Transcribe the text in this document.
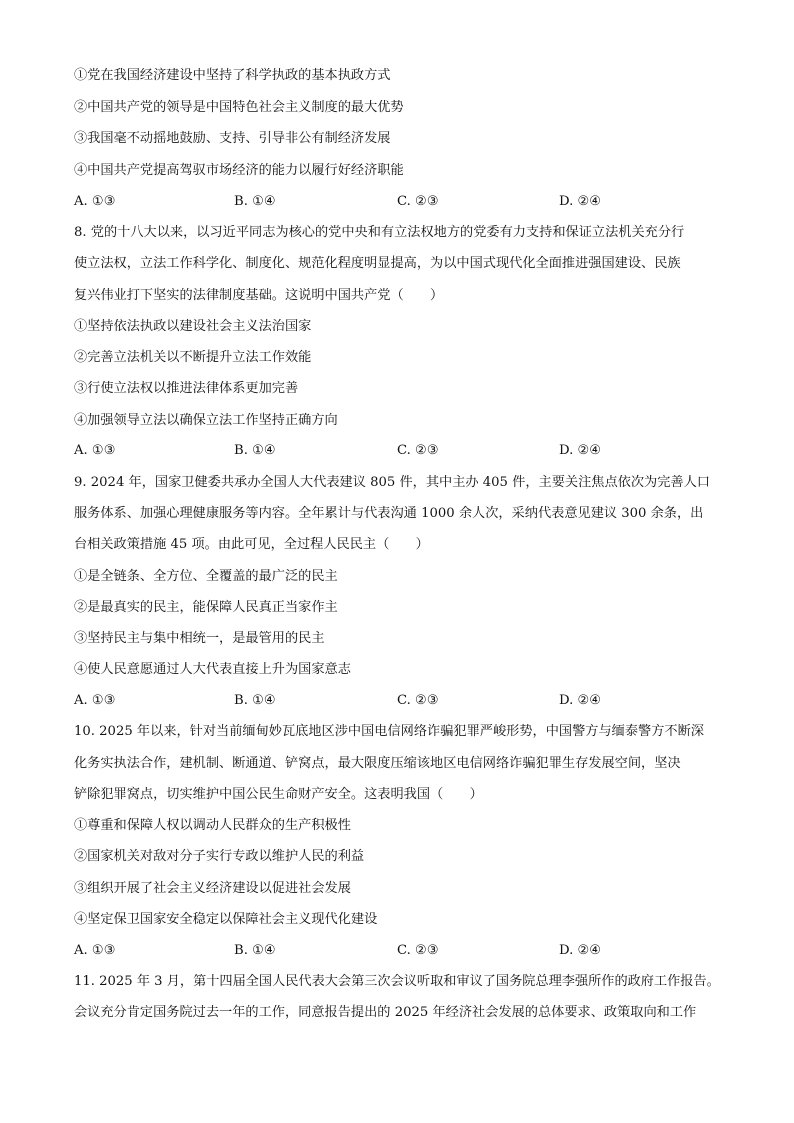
①党在我国经济建设中坚持了科学执政的基本执政方式
②中国共产党的领导是中国特色社会主义制度的最大优势
③我国毫不动摇地鼓励、支持、引导非公有制经济发展
④中国共产党提高驾驭市场经济的能力以履行好经济职能
A. ①③	B. ①④	C. ②③	D. ②④
8. 党的十八大以来，以习近平同志为核心的党中央和有立法权地方的党委有力支持和保证立法机关充分行
使立法权，立法工作科学化、制度化、规范化程度明显提高，为以中国式现代化全面推进强国建设、民族
复兴伟业打下坚实的法律制度基础。这说明中国共产党（　　）
①坚持依法执政以建设社会主义法治国家
②完善立法机关以不断提升立法工作效能
③行使立法权以推进法律体系更加完善
④加强领导立法以确保立法工作坚持正确方向
A. ①③	B. ①④	C. ②③	D. ②④
9. 2024 年，国家卫健委共承办全国人大代表建议 805 件，其中主办 405 件，主要关注焦点依次为完善人口
服务体系、加强心理健康服务等内容。全年累计与代表沟通 1000 余人次，采纳代表意见建议 300 余条，出
台相关政策措施 45 项。由此可见，全过程人民民主（　　）
①是全链条、全方位、全覆盖的最广泛的民主
②是最真实的民主，能保障人民真正当家作主
③坚持民主与集中相统一，是最管用的民主
④使人民意愿通过人大代表直接上升为国家意志
A. ①③	B. ①④	C. ②③	D. ②④
10. 2025 年以来，针对当前缅甸妙瓦底地区涉中国电信网络诈骗犯罪严峻形势，中国警方与缅泰警方不断深
化务实执法合作，建机制、断通道、铲窝点，最大限度压缩该地区电信网络诈骗犯罪生存发展空间，坚决
铲除犯罪窝点，切实维护中国公民生命财产安全。这表明我国（　　）
①尊重和保障人权以调动人民群众的生产积极性
②国家机关对敌对分子实行专政以维护人民的利益
③组织开展了社会主义经济建设以促进社会发展
④坚定保卫国家安全稳定以保障社会主义现代化建设
A. ①③	B. ①④	C. ②③	D. ②④
11. 2025 年 3 月，第十四届全国人民代表大会第三次会议听取和审议了国务院总理李强所作的政府工作报告。
会议充分肯定国务院过去一年的工作，同意报告提出的 2025 年经济社会发展的总体要求、政策取向和工作
